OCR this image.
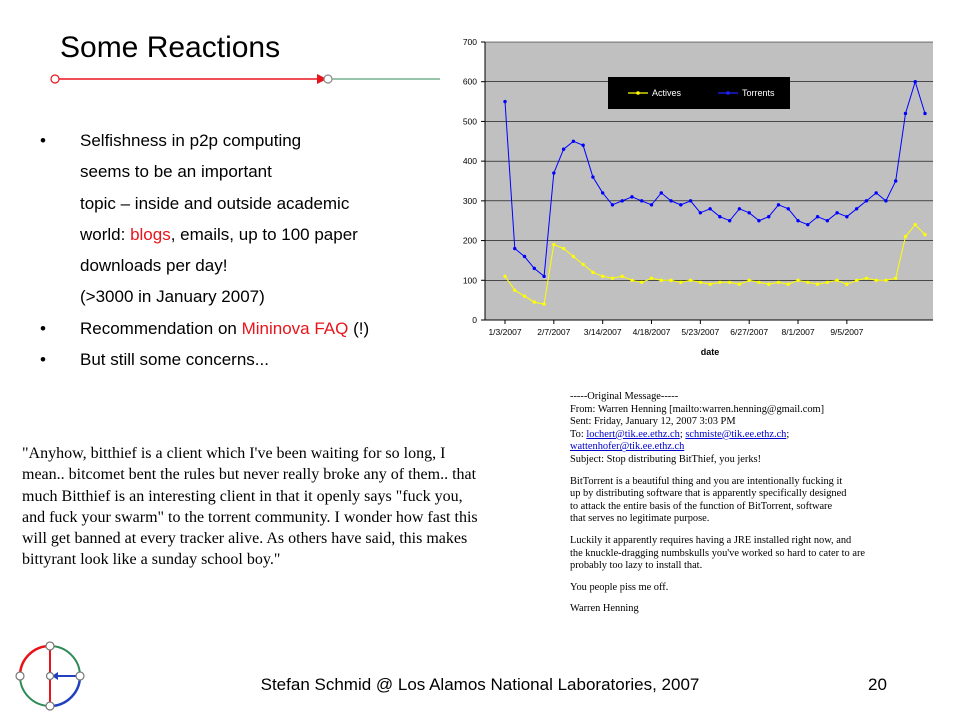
Some Reactions
• Selfishness in p2p computing
seems to be an important
topic – inside and outside academic
world: blogs, emails, up to 100 paper
downloads per day!
(>3000 in January 2007)
• Recommendation on Mininova FAQ (!)
• But still some concerns...
0
100
200
300
400
500
600
700
1/3/2007 2/7/2007 3/14/2007 4/18/2007 5/23/2007 6/27/2007 8/1/2007 9/5/2007
date
Actives	Torrents
"Anyhow, bitthief is a client which I've been waiting for so long, I
mean.. bitcomet bent the rules but never really broke any of them.. that
much Bitthief is an interesting client in that it openly says "fuck you,
and fuck your swarm" to the torrent community. I wonder how fast this
will get banned at every tracker alive. As others have said, this makes
bittyrant look like a sunday school boy."
-----Original Message-----
From: Warren Henning [mailto:warren.henning@gmail.com]
Sent: Friday, January 12, 2007 3:03 PM
To: lochert@tik.ee.ethz.ch; schmiste@tik.ee.ethz.ch;
wattenhofer@tik.ee.ethz.ch
Subject: Stop distributing BitThief, you jerks!
BitTorrent is a beautiful thing and you are intentionally fucking it
up by distributing software that is apparently specifically designed
to attack the entire basis of the function of BitTorrent, software
that serves no legitimate purpose.
Luckily it apparently requires having a JRE installed right now, and
the knuckle-dragging numbskulls you've worked so hard to cater to are
probably too lazy to install that.
You people piss me off.
Warren Henning
Stefan Schmid @ Los Alamos National Laboratories, 2007	20
